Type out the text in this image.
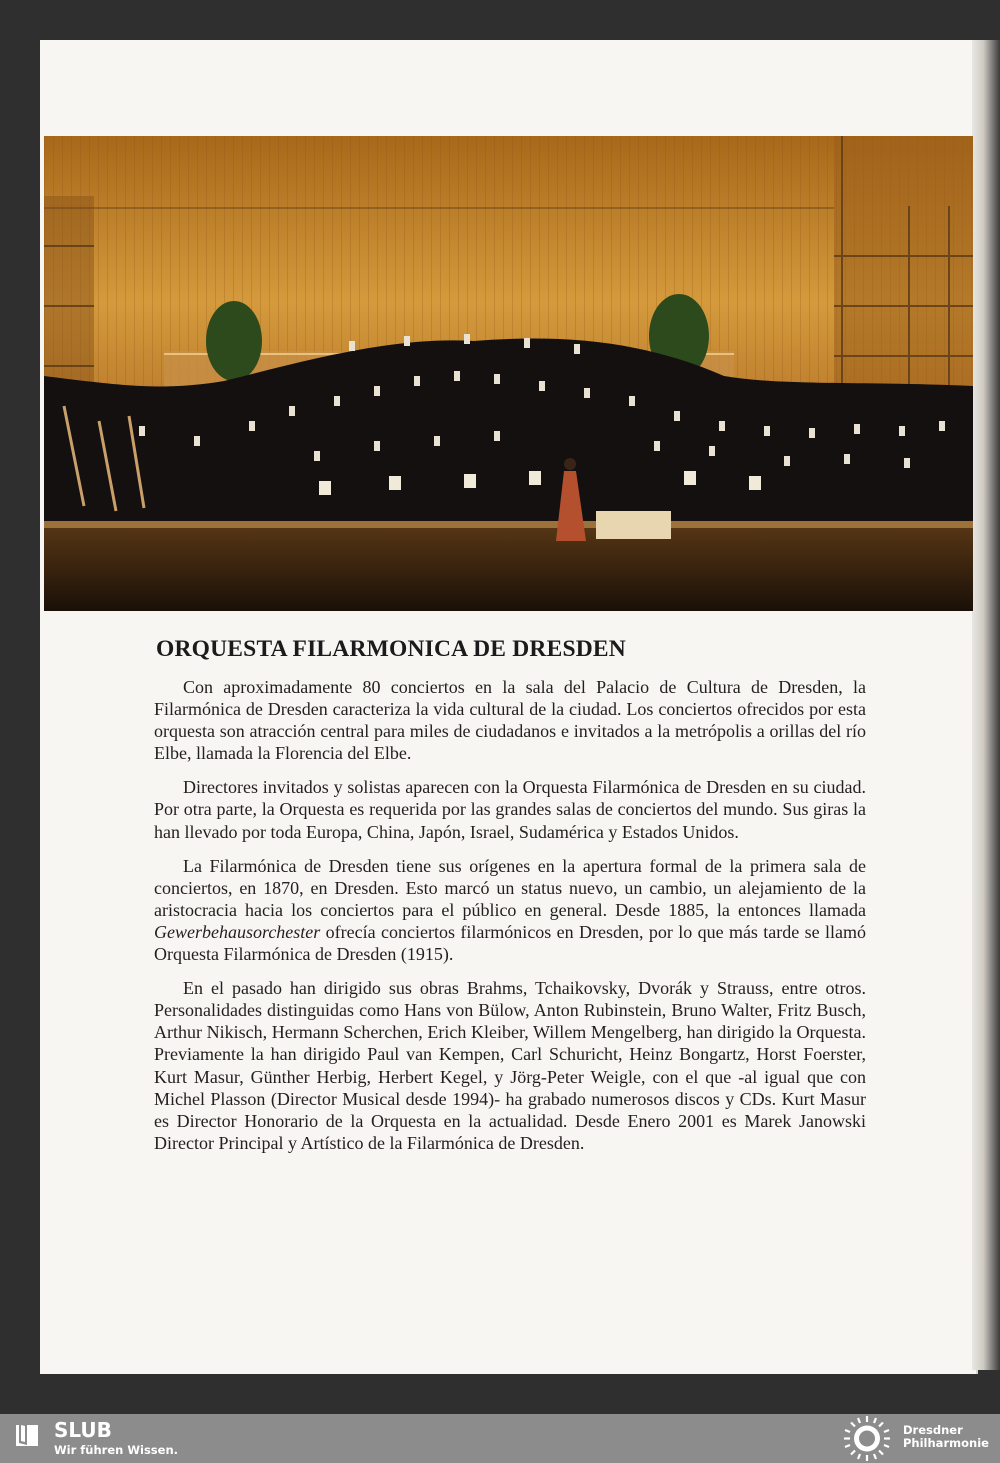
ORQUESTA FILARMONICA DE DRESDEN

Con aproximadamente 80 conciertos en la sala del Palacio de Cultura de Dresden, la Filarmónica de Dresden caracteriza la vida cultural de la ciudad. Los conciertos ofrecidos por esta orquesta son atracción central para miles de ciudadanos e invitados a la metrópolis a orillas del río Elbe, llamada la Florencia del Elbe.

Directores invitados y solistas aparecen con la Orquesta Filarmónica de Dresden en su ciudad. Por otra parte, la Orquesta es requerida por las grandes salas de conciertos del mundo. Sus giras la han llevado por toda Europa, China, Japón, Israel, Sudamérica y Estados Unidos.

La Filarmónica de Dresden tiene sus orígenes en la apertura formal de la primera sala de conciertos, en 1870, en Dresden. Esto marcó un status nuevo, un cambio, un alejamiento de la aristocracia hacia los conciertos para el público en general. Desde 1885, la entonces llamada Gewerbehausorchester ofrecía conciertos filarmónicos en Dresden, por lo que más tarde se llamó Orquesta Filarmónica de Dresden (1915).

En el pasado han dirigido sus obras Brahms, Tchaikovsky, Dvorák y Strauss, entre otros. Personalidades distinguidas como Hans von Bülow, Anton Rubinstein, Bruno Walter, Fritz Busch, Arthur Nikisch, Hermann Scherchen, Erich Kleiber, Willem Mengelberg, han dirigido la Orquesta. Previamente la han dirigido Paul van Kempen, Carl Schuricht, Heinz Bongartz, Horst Foerster, Kurt Masur, Günther Herbig, Herbert Kegel, y Jörg-Peter Weigle, con el que -al igual que con Michel Plasson (Director Musical desde 1994)- ha grabado numerosos discos y CDs. Kurt Masur es Director Honorario de la Orquesta en la actualidad. Desde Enero 2001 es Marek Janowski Director Principal y Artístico de la Filarmónica de Dresden.

SLUB
Wir führen Wissen.
Dresdner
Philharmonie
